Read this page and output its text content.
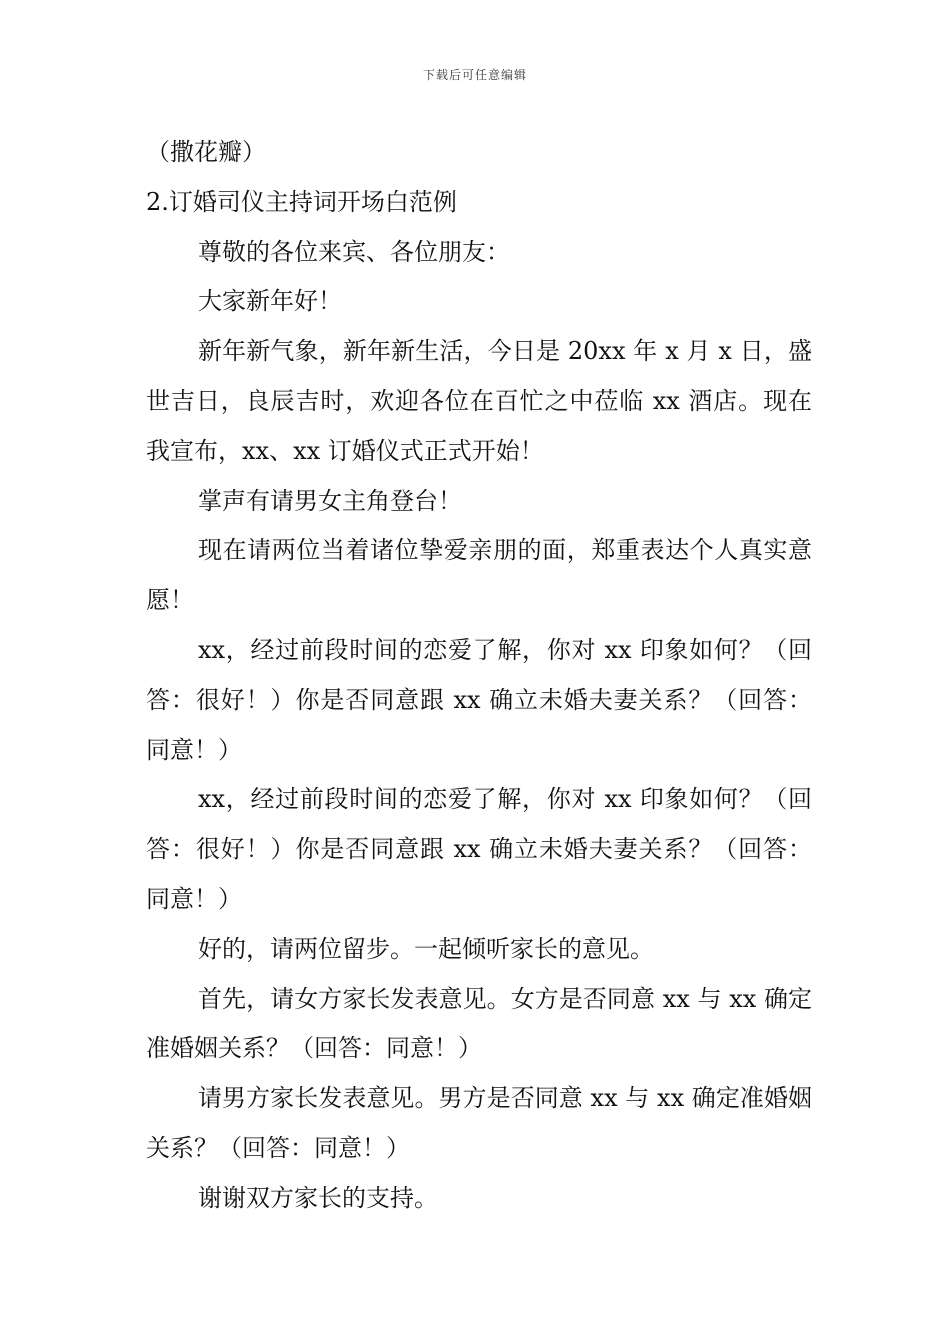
下载后可任意编辑

（撒花瓣）

2.订婚司仪主持词开场白范例

尊敬的各位来宾、各位朋友：

大家新年好！

新年新气象，新年新生活，今日是 20xx 年 x 月 x 日，盛世吉日，良辰吉时，欢迎各位在百忙之中莅临 xx 酒店。现在我宣布，xx、xx 订婚仪式正式开始！

掌声有请男女主角登台！

现在请两位当着诸位挚爱亲朋的面，郑重表达个人真实意愿！

xx，经过前段时间的恋爱了解，你对 xx 印象如何？（回答：很好！）你是否同意跟 xx 确立未婚夫妻关系？（回答：同意！）

xx，经过前段时间的恋爱了解，你对 xx 印象如何？（回答：很好！）你是否同意跟 xx 确立未婚夫妻关系？（回答：同意！）

好的，请两位留步。一起倾听家长的意见。

首先，请女方家长发表意见。女方是否同意 xx 与 xx 确定准婚姻关系？（回答：同意！）

请男方家长发表意见。男方是否同意 xx 与 xx 确定准婚姻关系？（回答：同意！）

谢谢双方家长的支持。
